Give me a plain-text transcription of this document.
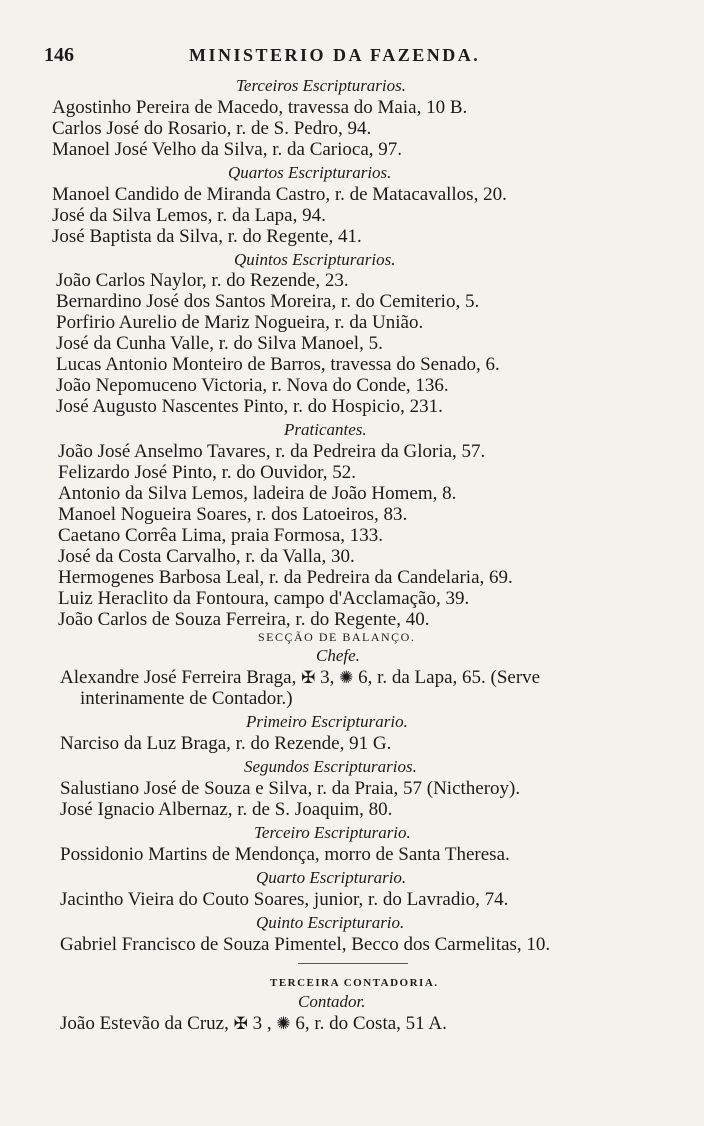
146	MINISTERIO DA FAZENDA.
Terceiros Escripturarios.
Agostinho Pereira de Macedo, travessa do Maia, 10 B.
Carlos José do Rosario, r. de S. Pedro, 94.
Manoel José Velho da Silva, r. da Carioca, 97.
Quartos Escripturarios.
Manoel Candido de Miranda Castro, r. de Matacavallos, 20.
José da Silva Lemos, r. da Lapa, 94.
José Baptista da Silva, r. do Regente, 41.
Quintos Escripturarios.
João Carlos Naylor, r. do Rezende, 23.
Bernardino José dos Santos Moreira, r. do Cemiterio, 5.
Porfirio Aurelio de Mariz Nogueira, r. da União.
José da Cunha Valle, r. do Silva Manoel, 5.
Lucas Antonio Monteiro de Barros, travessa do Senado, 6.
João Nepomuceno Victoria, r. Nova do Conde, 136.
José Augusto Nascentes Pinto, r. do Hospicio, 231.
Praticantes.
João José Anselmo Tavares, r. da Pedreira da Gloria, 57.
Felizardo José Pinto, r. do Ouvidor, 52.
Antonio da Silva Lemos, ladeira de João Homem, 8.
Manoel Nogueira Soares, r. dos Latoeiros, 83.
Caetano Corrêa Lima, praia Formosa, 133.
José da Costa Carvalho, r. da Valla, 30.
Hermogenes Barbosa Leal, r. da Pedreira da Candelaria, 69.
Luiz Heraclito da Fontoura, campo d'Acclamação, 39.
João Carlos de Souza Ferreira, r. do Regente, 40.
SECÇÃO DE BALANÇO.
Chefe.
Alexandre José Ferreira Braga, ✠ 3, ✺ 6, r. da Lapa, 65. (Serve
interinamente de Contador.)
Primeiro Escripturario.
Narciso da Luz Braga, r. do Rezende, 91 G.
Segundos Escripturarios.
Salustiano José de Souza e Silva, r. da Praia, 57 (Nictheroy).
José Ignacio Albernaz, r. de S. Joaquim, 80.
Terceiro Escripturario.
Possidonio Martins de Mendonça, morro de Santa Theresa.
Quarto Escripturario.
Jacintho Vieira do Couto Soares, junior, r. do Lavradio, 74.
Quinto Escripturario.
Gabriel Francisco de Souza Pimentel, Becco dos Carmelitas, 10.
TERCEIRA CONTADORIA.
Contador.
João Estevão da Cruz, ✠ 3 , ✺ 6, r. do Costa, 51 A.
